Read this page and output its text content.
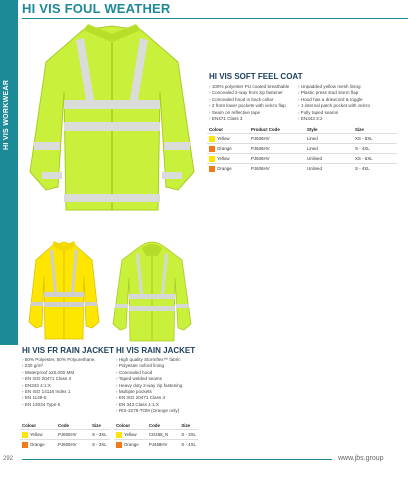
HI VIS WORKWEAR
HI VIS FOUL WEATHER
HI VIS SOFT FEEL COAT
› 100% polyester PU coated breathable
› Concealed 2-way front zip fastener
› Concealed hood in back collar
› 2 front lower pockets with velcro flap
› Seam on reflective tape
› EN471 Class 3
› Unpadded yellow mesh lining
› Plastic press stud storm flap
› Hood has a drawcord & toggle
› 1 internal patch pocket with velcro
› Fully taped seams
› EN343 3:2
Colour	Product Code	Style	Size
Yellow	PJ606HV	Lined	XS - 5XL
Orange	PJ606HV	Lined	S - 4XL
Yellow	PJ606HV	Unlined	XS - 5XL
Orange	PJ606HV	Unlined	S - 4XL
HI VIS FR RAIN JACKET
› 50% Polyester, 50% Polyurethane,
› 230 g/m²
› Waterproof ≥20,000 MM
› EN ISO 20471 Class 3
› EN343 4:1:X
› EN ISO 14116 Index 1
› EN 1149-5
› EN 13034 Type 6
Colour	Code	Size
Yellow	PJ605HV	S - 3XL
Orange	PJ605HV	S - 3XL
HI VIS RAIN JACKET
› High quality Stormflex™ fabric
› Polyester oxford lining
› Concealed hood
› Taped welded seams
› Heavy duty 2-way zip fastening
› Multiple pockets
› EN ISO 20471 Class 3
› EN 343 Class 4:1:X
› RIS-3279-TOM (Orange only)
Colour	Code	Size
Yellow	CD458_N	S - 3XL
Orange	PJ458HV	S - 4XL
292	www.jbs.group
